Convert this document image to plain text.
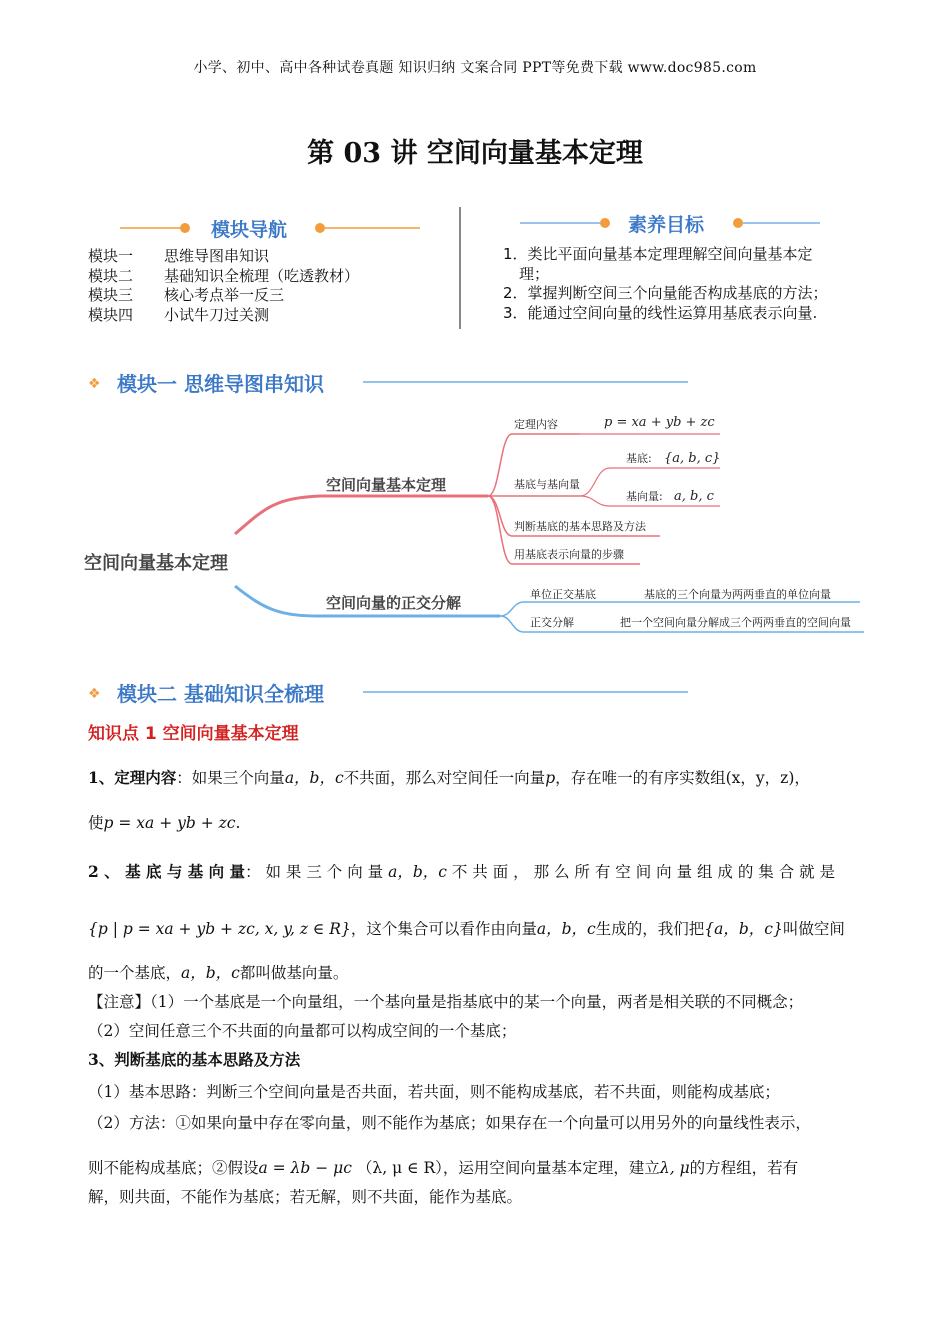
小学、初中、高中各种试卷真题 知识归纳 文案合同 PPT等免费下载 www.doc985.com
第 03 讲 空间向量基本定理
模块导航
模块一 思维导图串知识
模块二 基础知识全梳理（吃透教材）
模块三 核心考点举一反三
模块四 小试牛刀过关测
素养目标
1．类比平面向量基本定理理解空间向量基本定
理；
2．掌握判断空间三个向量能否构成基底的方法；
3．能通过空间向量的线性运算用基底表示向量.
❖ 模块一 思维导图串知识
空间向量基本定理
空间向量基本定理
空间向量的正交分解
定理内容
基底与基向量
判断基底的基本思路及方法
用基底表示向量的步骤
p = xa + yb + zc
基底: {a, b, c}
基向量: a, b, c
单位正交基底	基底的三个向量为两两垂直的单位向量
正交分解	把一个空间向量分解成三个两两垂直的空间向量
❖ 模块二 基础知识全梳理
知识点 1 空间向量基本定理
1、定理内容：如果三个向量a，b，c不共面，那么对空间任一向量p，存在唯一的有序实数组(x，y，z)，
使p = xa + yb + zc.
2 、 基 底 与 基 向 量： 如 果 三 个 向 量 a，b，c 不 共 面 ， 那 么 所 有 空 间 向 量 组 成 的 集 合 就 是
{p | p = xa + yb + zc, x, y, z ∈ R}，这个集合可以看作由向量a，b，c生成的，我们把{a，b，c}叫做空间
的一个基底，a，b，c都叫做基向量。
【注意】（1）一个基底是一个向量组，一个基向量是指基底中的某一个向量，两者是相关联的不同概念；
（2）空间任意三个不共面的向量都可以构成空间的一个基底；
3、判断基底的基本思路及方法
（1）基本思路：判断三个空间向量是否共面，若共面，则不能构成基底，若不共面，则能构成基底；
（2）方法：①如果向量中存在零向量，则不能作为基底；如果存在一个向量可以用另外的向量线性表示，
则不能构成基底；②假设a = λb − μc （λ, μ ∈ R），运用空间向量基本定理，建立λ, μ的方程组，若有
解，则共面，不能作为基底；若无解，则不共面，能作为基底。
